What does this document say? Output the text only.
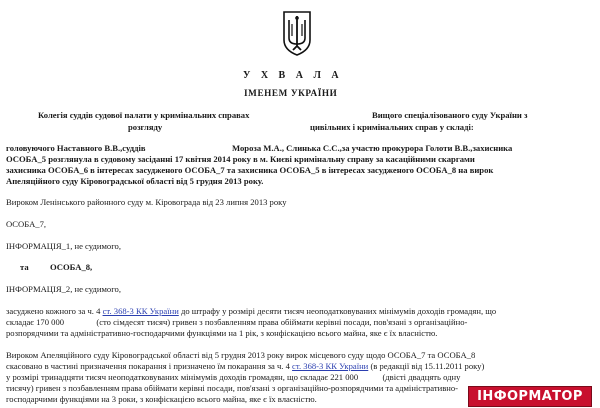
У Х В А Л А
ІМЕНЕМ УКРАЇНИ
Колегія суддів судової палати у кримінальних справах	Вищого спеціалізованого суду України з
розгляду	цивільних і кримінальних справ у складі:
головуючого Наставного В.В.,суддів	Мороза М.А., Слинька С.С.,за участю прокурора Голоти В.В.,захисника
ОСОБА_5 розглянула в судовому засіданні 17 квітня 2014 року в м. Києві кримінальну справу за касаційними скаргами
захисника ОСОБА_6 в інтересах засудженого ОСОБА_7 та захисника ОСОБА_5 в інтересах засудженого ОСОБА_8 на вирок
Апеляційного суду Кіровоградської області від 5 грудня 2013 року.
Вироком Ленінського районного суду м. Кіровограда від 23 липня 2013 року
ОСОБА_7,
ІНФОРМАЦІЯ_1, не судимого,
та ОСОБА_8,
ІНФОРМАЦІЯ_2, не судимого,
засуджено кожного за ч. 4 ст. 368-3 КК України до штрафу у розмірі десяти тисяч неоподатковуваних мінімумів доходів громадян, що
складає 170 000	(сто сімдесят тисяч) гривен з позбавленням права обіймати керівні посади, пов'язані з організаційно-
розпорядчими та адміністративно-господарчими функціями на 1 рік, з конфіскацією всього майна, яке є їх власністю.
Вироком Апеляційного суду Кіровоградської області від 5 грудня 2013 року вирок місцевого суду щодо ОСОБА_7 та ОСОБА_8
скасовано в частині призначення покарання і призначено їм покарання за ч. 4 ст. 368-3 КК України (в редакції від 15.11.2011 року)
у розмірі тринадцяти тисяч неоподатковуваних мінімумів доходів громадян, що складає 221 000	(двісті двадцять одну
тисячу) гривен з позбавленням права обіймати керівні посади, пов'язані з організаційно-розпорядчими та адміністративно-
господарчими функціями на 3 роки, з конфіскацією всього майна, яке є їх власністю.	ІНФОРМАТОР
